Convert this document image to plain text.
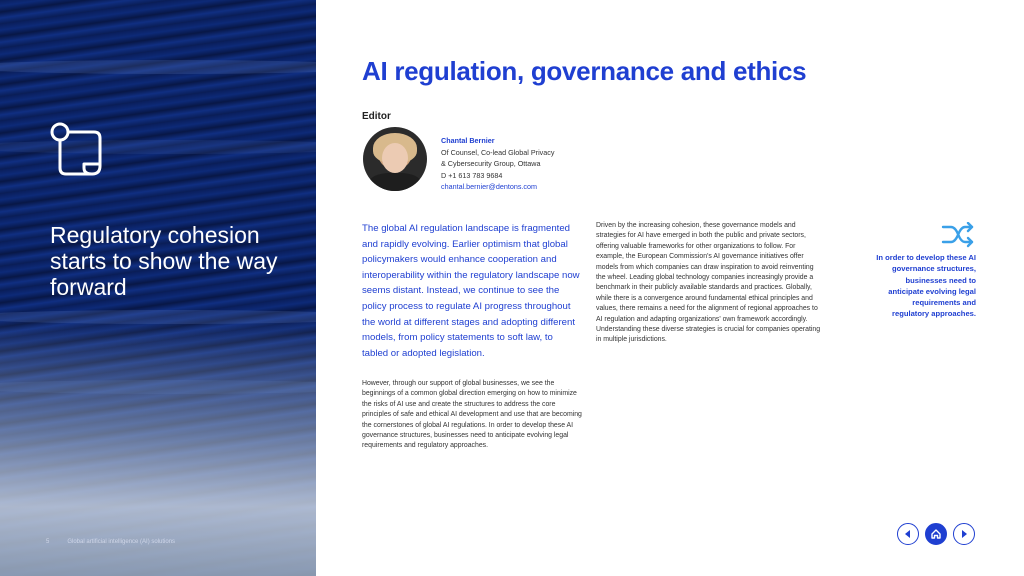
Regulatory cohesion starts to show the way forward
5	Global artificial intelligence (AI) solutions
AI regulation, governance and ethics
Editor
Chantal Bernier
Of Counsel, Co-lead Global Privacy
& Cybersecurity Group, Ottawa
D +1 613 783 9684
chantal.bernier@dentons.com

The global AI regulation landscape is fragmented and rapidly evolving. Earlier optimism that global policymakers would enhance cooperation and interoperability within the regulatory landscape now seems distant. Instead, we continue to see the policy process to regulate AI progress throughout the world at different stages and adopting different models, from policy statements to soft law, to tabled or adopted legislation.

However, through our support of global businesses, we see the beginnings of a common global direction emerging on how to minimize the risks of AI use and create the structures to address the core principles of safe and ethical AI development and use that are becoming the cornerstones of global AI regulations. In order to develop these AI governance structures, businesses need to anticipate evolving legal requirements and regulatory approaches.

Driven by the increasing cohesion, these governance models and strategies for AI have emerged in both the public and private sectors, offering valuable frameworks for other organizations to follow. For example, the European Commission's AI governance initiatives offer models from which companies can draw inspiration to avoid reinventing the wheel. Leading global technology companies increasingly provide a benchmark in their publicly available standards and practices. Globally, while there is a convergence around fundamental ethical principles and values, there remains a need for the alignment of regional approaches to AI regulation and adapting organizations' own framework accordingly. Understanding these diverse strategies is crucial for companies operating in multiple jurisdictions.

In order to develop these AI governance structures, businesses need to anticipate evolving legal requirements and regulatory approaches.
